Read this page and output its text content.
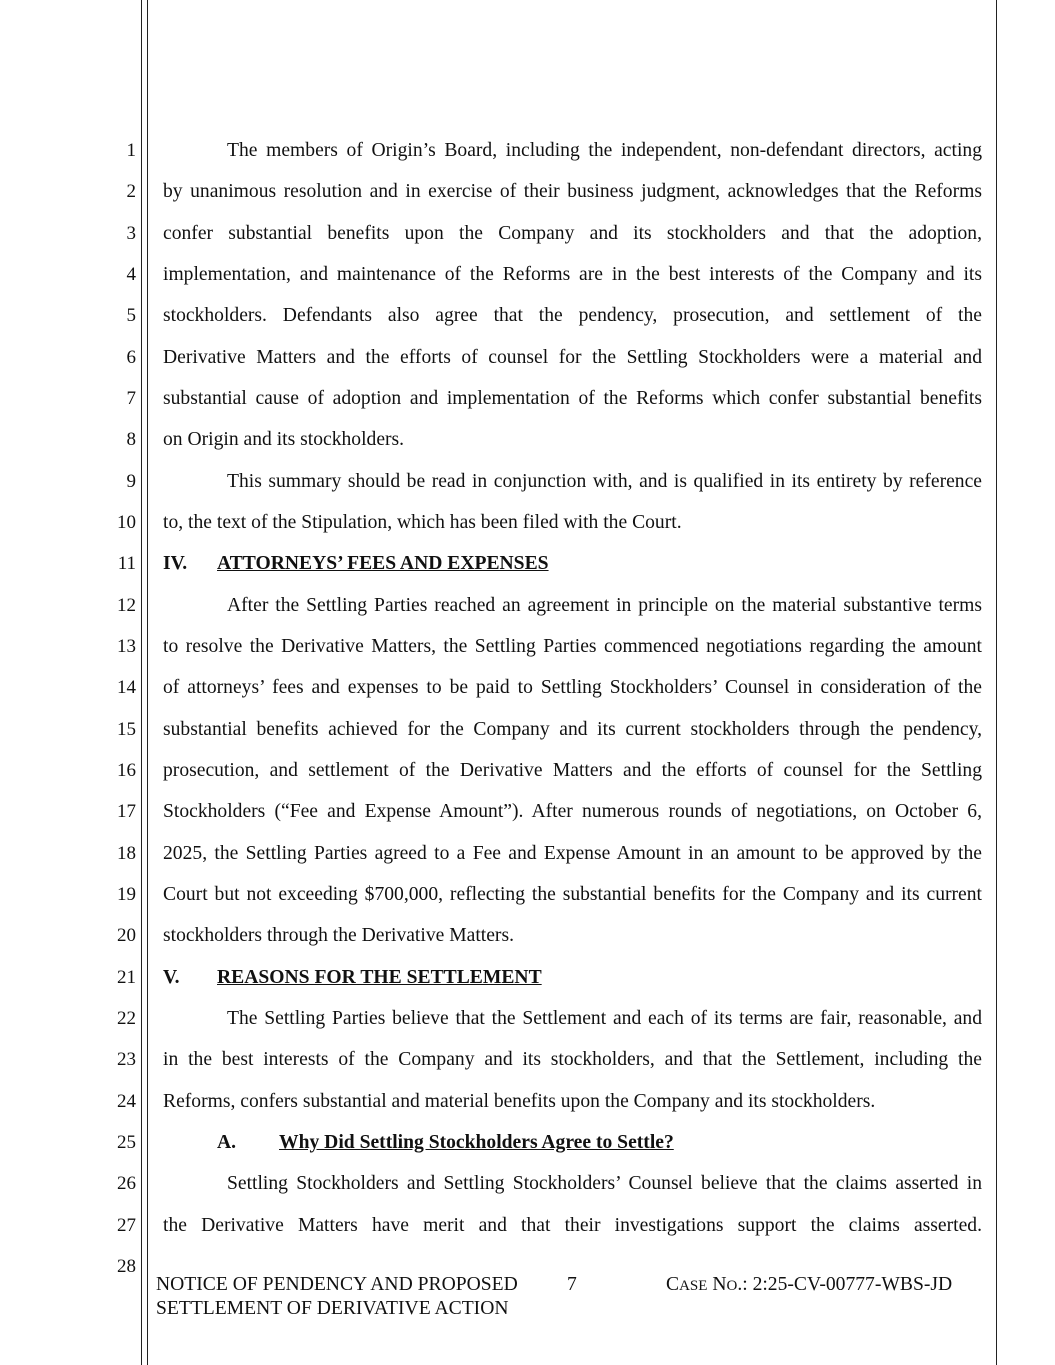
1
2
3
4
5
6
7
8
9
10
11
12
13
14
15
16
17
18
19
20
21
22
23
24
25
26
27
28
The members of Origin’s Board, including the independent, non-defendant directors, acting
by unanimous resolution and in exercise of their business judgment, acknowledges that the Reforms
confer substantial benefits upon the Company and its stockholders and that the adoption,
implementation, and maintenance of the Reforms are in the best interests of the Company and its
stockholders. Defendants also agree that the pendency, prosecution, and settlement of the
Derivative Matters and the efforts of counsel for the Settling Stockholders were a material and
substantial cause of adoption and implementation of the Reforms which confer substantial benefits
on Origin and its stockholders.
This summary should be read in conjunction with, and is qualified in its entirety by reference
to, the text of the Stipulation, which has been filed with the Court.
IV. ATTORNEYS’ FEES AND EXPENSES
After the Settling Parties reached an agreement in principle on the material substantive terms
to resolve the Derivative Matters, the Settling Parties commenced negotiations regarding the amount
of attorneys’ fees and expenses to be paid to Settling Stockholders’ Counsel in consideration of the
substantial benefits achieved for the Company and its current stockholders through the pendency,
prosecution, and settlement of the Derivative Matters and the efforts of counsel for the Settling
Stockholders (“Fee and Expense Amount”). After numerous rounds of negotiations, on October 6,
2025, the Settling Parties agreed to a Fee and Expense Amount in an amount to be approved by the
Court but not exceeding $700,000, reflecting the substantial benefits for the Company and its current
stockholders through the Derivative Matters.
V. REASONS FOR THE SETTLEMENT
The Settling Parties believe that the Settlement and each of its terms are fair, reasonable, and
in the best interests of the Company and its stockholders, and that the Settlement, including the
Reforms, confers substantial and material benefits upon the Company and its stockholders.
A. Why Did Settling Stockholders Agree to Settle?
Settling Stockholders and Settling Stockholders’ Counsel believe that the claims asserted in
the Derivative Matters have merit and that their investigations support the claims asserted.
NOTICE OF PENDENCY AND PROPOSED
SETTLEMENT OF DERIVATIVE ACTION
7	CASE NO.: 2:25-CV-00777-WBS-JD
